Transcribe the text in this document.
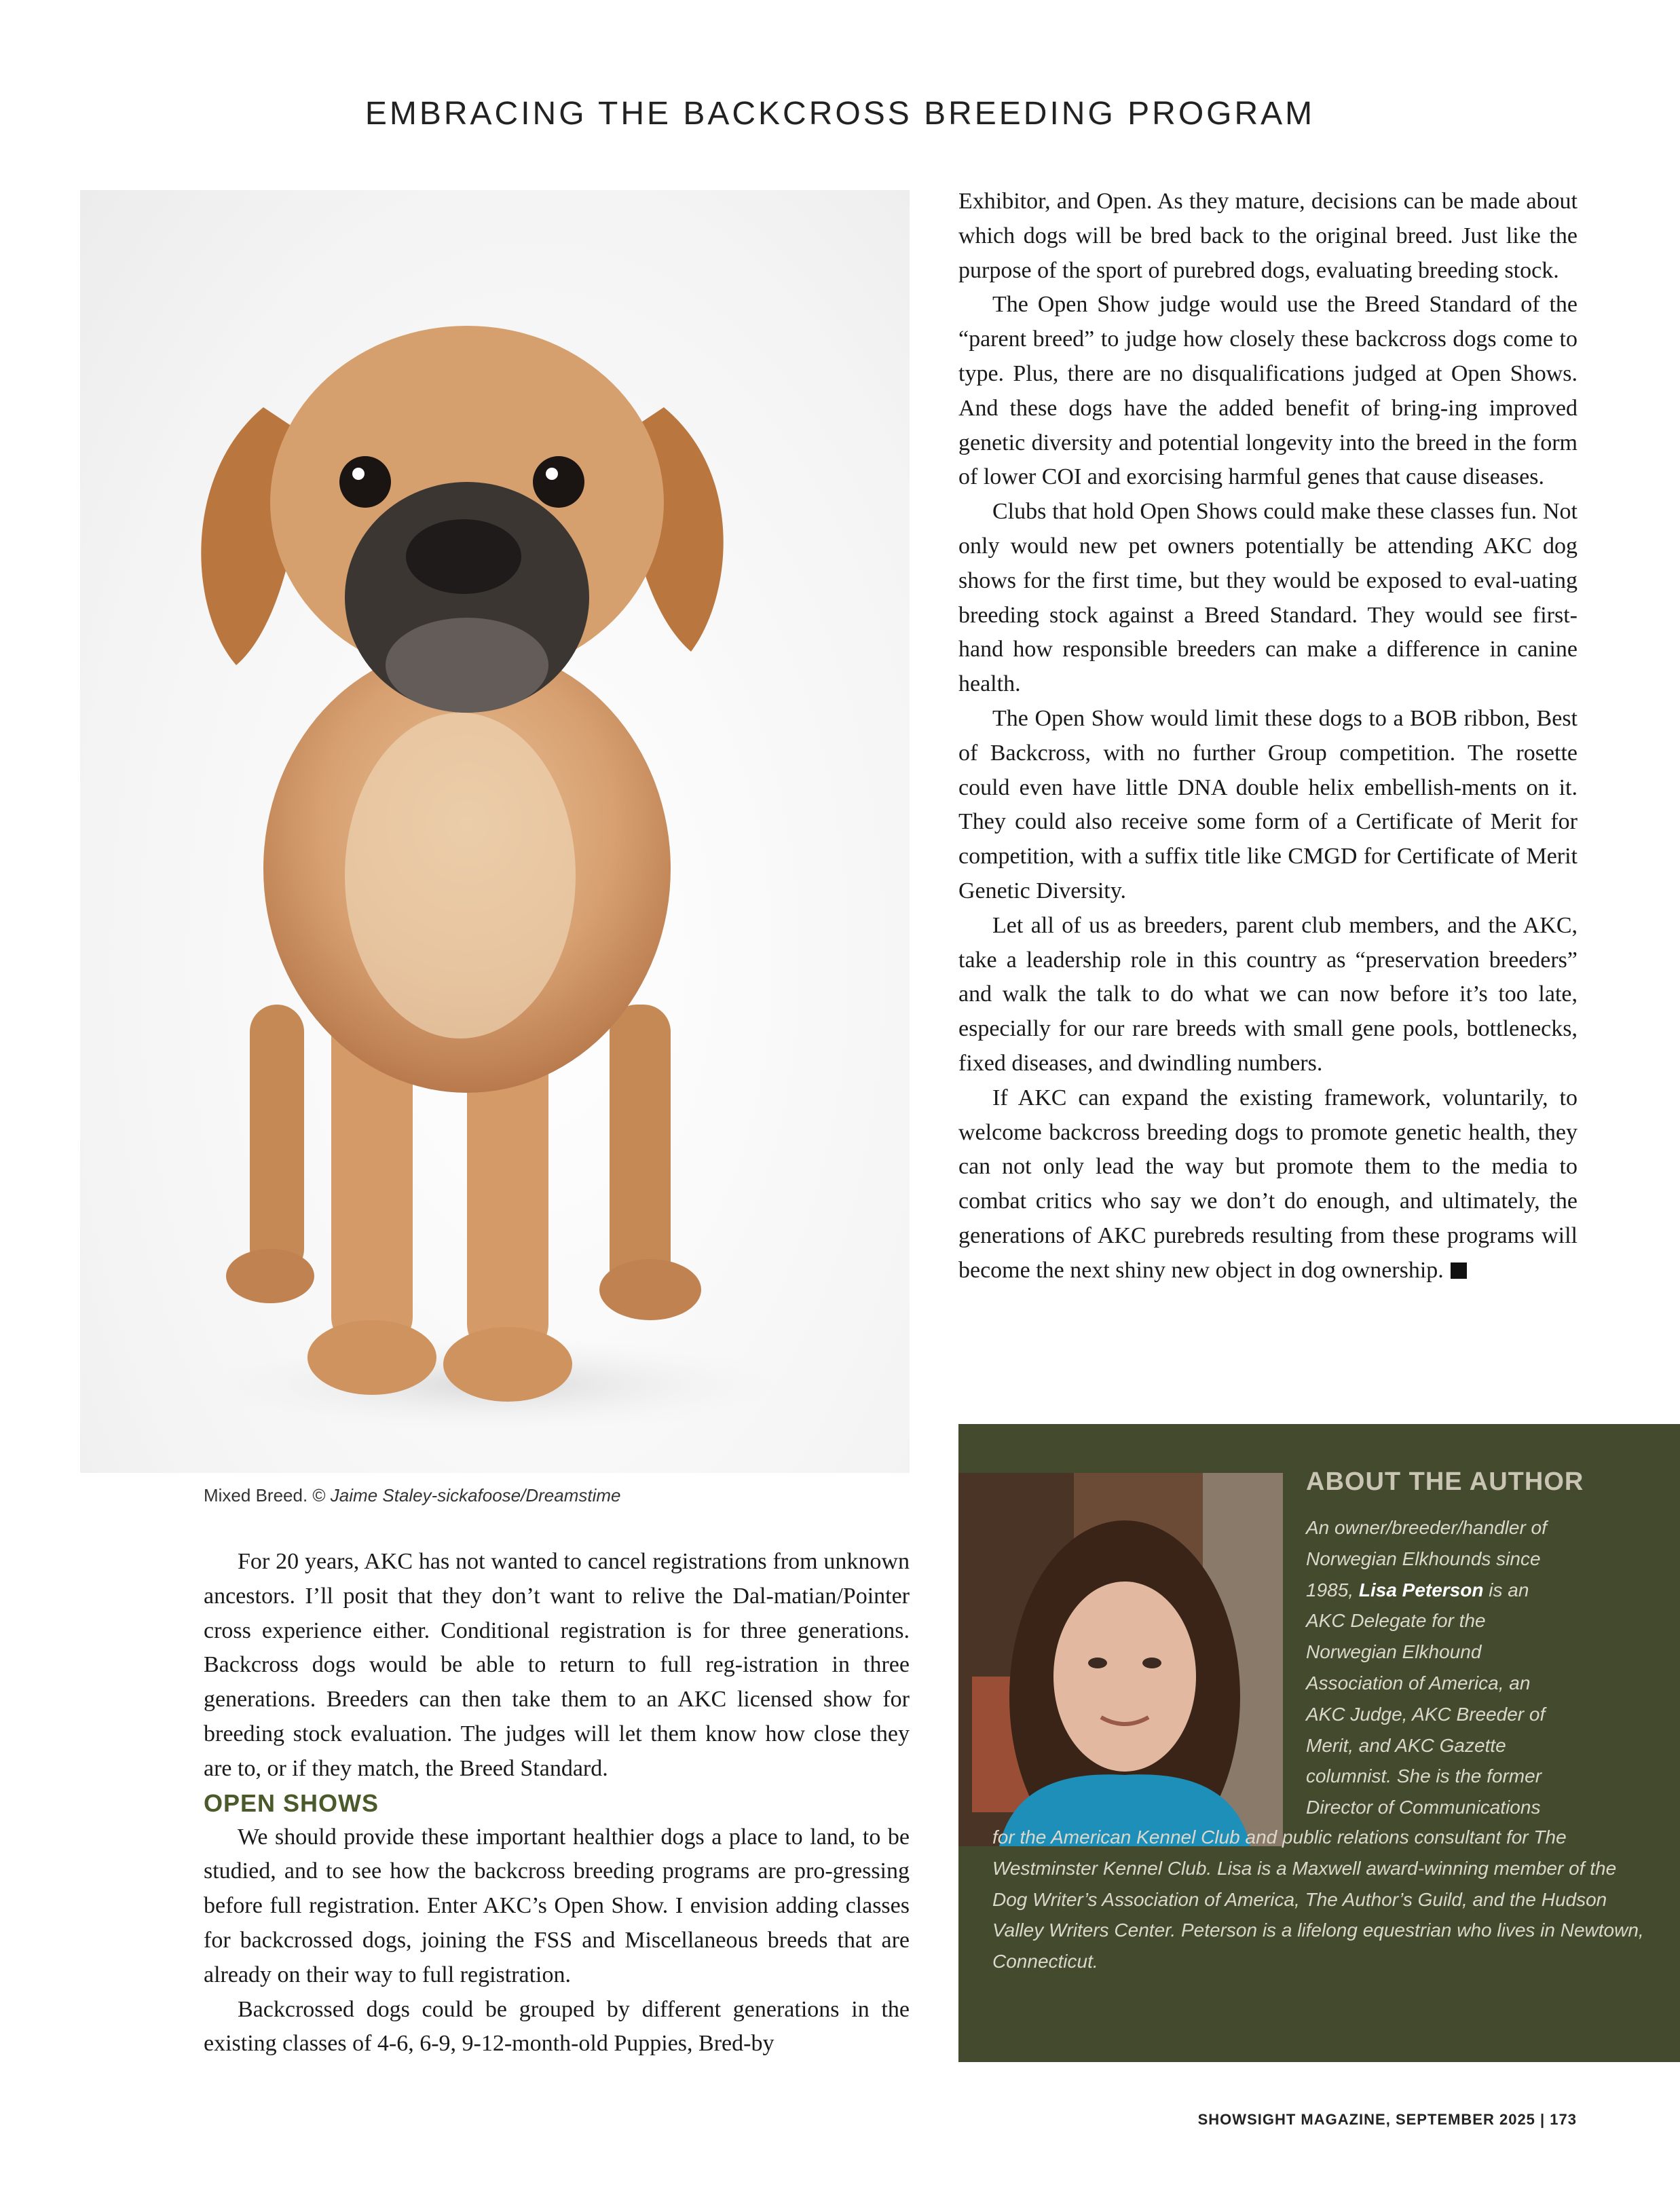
EMBRACING THE BACKCROSS BREEDING PROGRAM
Mixed Breed. © Jaime Staley-sickafoose/Dreamstime

Exhibitor, and Open. As they mature, decisions can be made about which dogs will be bred back to the original breed. Just like the purpose of the sport of purebred dogs, evaluating breeding stock.

The Open Show judge would use the Breed Standard of the “parent breed” to judge how closely these backcross dogs come to type. Plus, there are no disqualifications judged at Open Shows. And these dogs have the added benefit of bring-ing improved genetic diversity and potential longevity into the breed in the form of lower COI and exorcising harmful genes that cause diseases.

Clubs that hold Open Shows could make these classes fun. Not only would new pet owners potentially be attending AKC dog shows for the first time, but they would be exposed to eval-uating breeding stock against a Breed Standard. They would see first-hand how responsible breeders can make a difference in canine health.

The Open Show would limit these dogs to a BOB ribbon, Best of Backcross, with no further Group competition. The rosette could even have little DNA double helix embellish-ments on it. They could also receive some form of a Certificate of Merit for competition, with a suffix title like CMGD for Certificate of Merit Genetic Diversity.

Let all of us as breeders, parent club members, and the AKC, take a leadership role in this country as “preservation breeders” and walk the talk to do what we can now before it’s too late, especially for our rare breeds with small gene pools, bottlenecks, fixed diseases, and dwindling numbers.

If AKC can expand the existing framework, voluntarily, to welcome backcross breeding dogs to promote genetic health, they can not only lead the way but promote them to the media to combat critics who say we don’t do enough, and ultimately, the generations of AKC purebreds resulting from these programs will become the next shiny new object in dog ownership.

For 20 years, AKC has not wanted to cancel registrations from unknown ancestors. I’ll posit that they don’t want to relive the Dal-matian/Pointer cross experience either. Conditional registration is for three generations. Backcross dogs would be able to return to full reg-istration in three generations. Breeders can then take them to an AKC licensed show for breeding stock evaluation. The judges will let them know how close they are to, or if they match, the Breed Standard.

OPEN SHOWS

We should provide these important healthier dogs a place to land, to be studied, and to see how the backcross breeding programs are pro-gressing before full registration. Enter AKC’s Open Show. I envision adding classes for backcrossed dogs, joining the FSS and Miscellaneous breeds that are already on their way to full registration.

Backcrossed dogs could be grouped by different generations in the existing classes of 4-6, 6-9, 9-12-month-old Puppies, Bred-by

ABOUT THE AUTHOR
An owner/breeder/handler of Norwegian Elkhounds since 1985, Lisa Peterson is an AKC Delegate for the Norwegian Elkhound Association of America, an AKC Judge, AKC Breeder of Merit, and AKC Gazette columnist. She is the former Director of Communications
for the American Kennel Club and public relations consultant for The Westminster Kennel Club. Lisa is a Maxwell award-winning member of the Dog Writer’s Association of America, The Author’s Guild, and the Hudson Valley Writers Center. Peterson is a lifelong equestrian who lives in Newtown, Connecticut.
SHOWSIGHT MAGAZINE, SEPTEMBER 2025 | 173
